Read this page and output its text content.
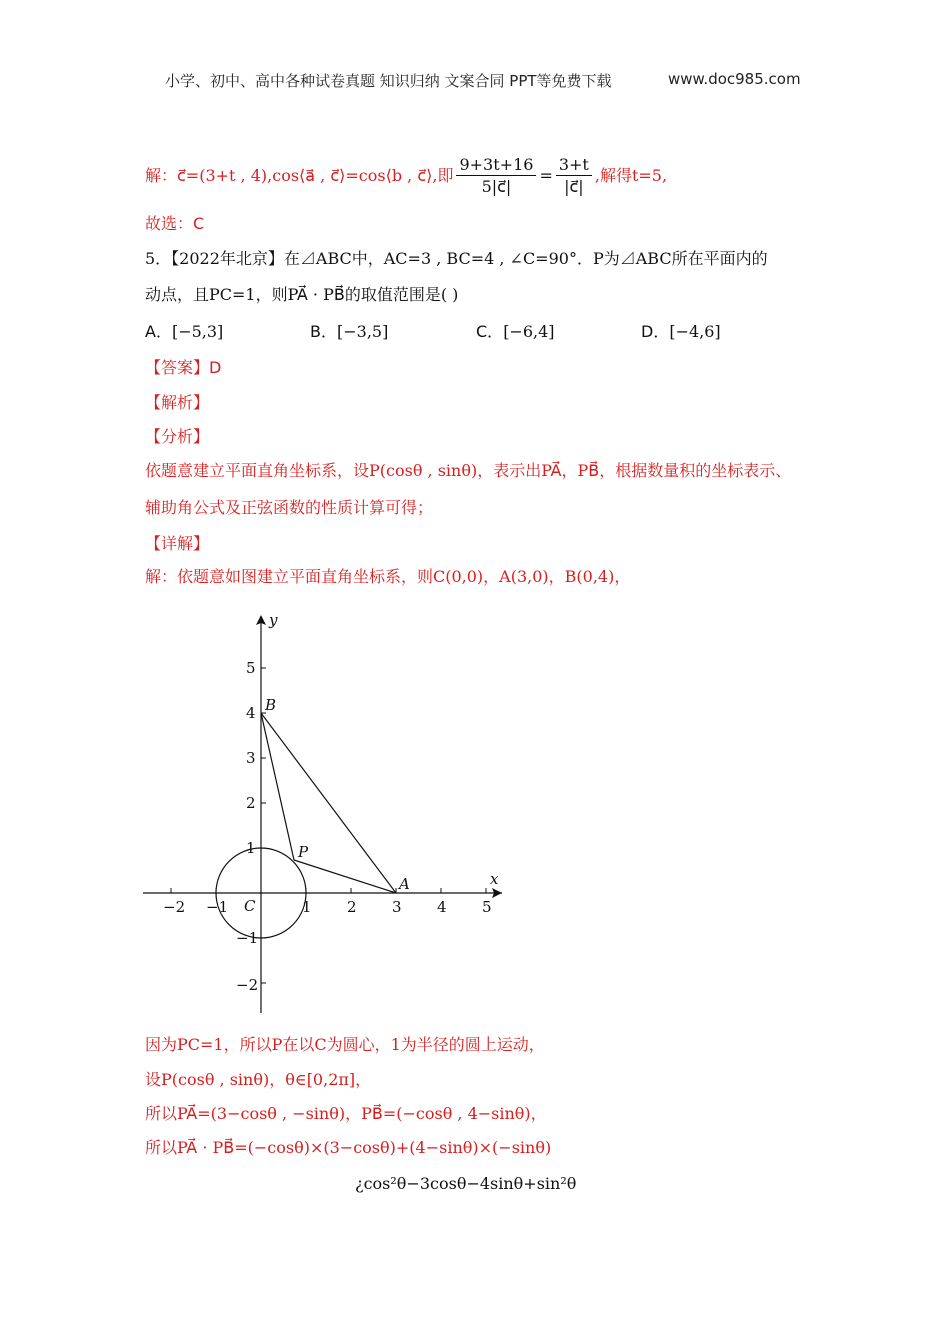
小学、初中、高中各种试卷真题 知识归纳 文案合同 PPT等免费下载	www.doc985.com
解：c⃗=(3+t , 4),cos⟨a⃗ , c⃗⟩=cos⟨b , c⃗⟩,即 $\frac{9+3t+16}{5|c⃗|} = \frac{3+t}{|c⃗|}$ ,解得t=5,
故选：C
5．【2022年北京】在⊿ABC中，AC=3 , BC=4 , ∠C=90°．P为⊿ABC所在平面内的
动点，且PC=1，则PA⃗ · PB⃗的取值范围是( )
A．[−5,3]	B．[−3,5]	C．[−6,4]	D．[−4,6]
【答案】D
【解析】
【分析】
依题意建立平面直角坐标系，设P(cosθ , sinθ)，表示出PA⃗，PB⃗，根据数量积的坐标表示、
辅助角公式及正弦函数的性质计算可得；
【详解】
解：依题意如图建立平面直角坐标系，则C(0,0)，A(3,0)，B(0,4)，
−2 −1	1 2 3 4 5
5
4
3
2
1
−1
−2
x
y
B
P
A
C
因为PC=1，所以P在以C为圆心，1为半径的圆上运动，
设P(cosθ , sinθ)，θ∈[0,2π]，
所以PA⃗=(3−cosθ , −sinθ)，PB⃗=(−cosθ , 4−sinθ)，
所以PA⃗ · PB⃗=(−cosθ)×(3−cosθ)+(4−sinθ)×(−sinθ)
¿cos²θ−3cosθ−4sinθ+sin²θ
